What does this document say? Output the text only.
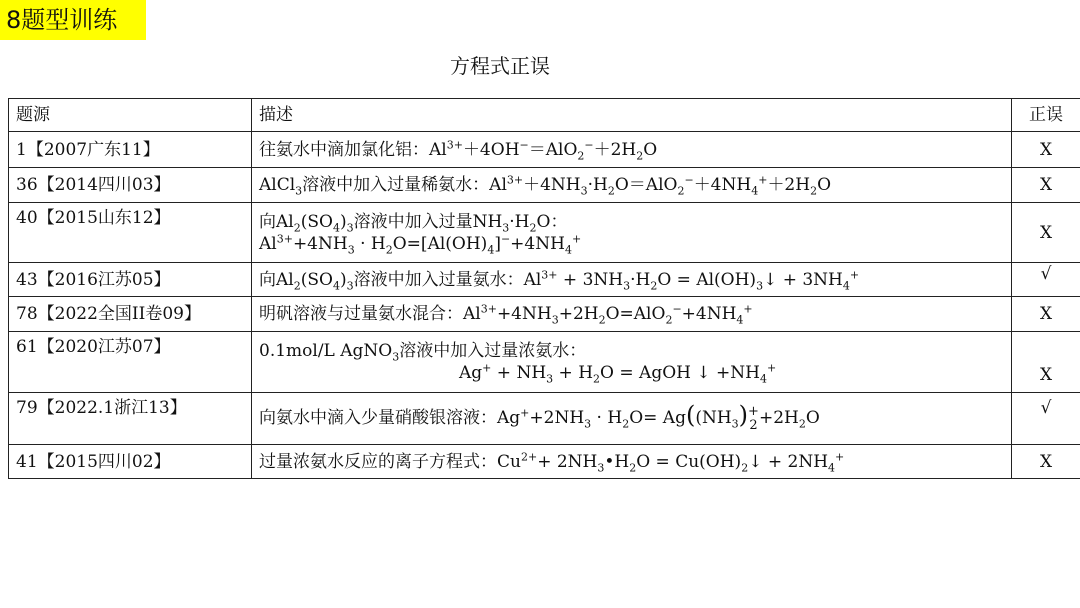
8题型训练
方程式正误
题源	描述	正误
1【2007广东11】	往氨水中滴加氯化铝：$Al^{3+}+4OH^-=AlO_2^-+2H_2O$	X
36【2014四川03】	AlCl$_3$溶液中加入过量稀氨水：$Al^{3+}+4NH_3\cdot H_2O=AlO_2^-+4NH_4^++2H_2O$	X
40【2015山东12】	向$Al_2(SO_4)_3$溶液中加入过量$NH_3\cdot H_2O$：
$Al^{3+}+4NH_3 \cdot H_2O=[Al(OH)_4]^-+4NH_4^+$	X
43【2016江苏05】	向$Al_2(SO_4)_3$溶液中加入过量氨水：$Al^{3+} + 3NH_3\cdot H_2O$ = $Al(OH)_3↓ + 3NH_4^+$	√
78【2022全国II卷09】	明矾溶液与过量氨水混合：$Al^{3+}+4NH_3+2H_2O=AlO_2^-+4NH_4^+$	X
61【2020江苏07】	0.1mol/L AgNO$_3$溶液中加入过量浓氨水：
$Ag^+ + NH_3 + H_2O$ = AgOH ↓ $+NH_4^+$	X
79【2022.1浙江13】	向氨水中滴入少量硝酸银溶液：$Ag^++2NH_3 \cdot H_2O= Ag((NH_3)+$
$2+2H_2O$	√
41【2015四川02】	过量浓氨水反应的离子方程式：$Cu^{2+}+$ $2NH_3•H_2O$ = $Cu(OH)_2↓ + 2NH_4^+$	X
